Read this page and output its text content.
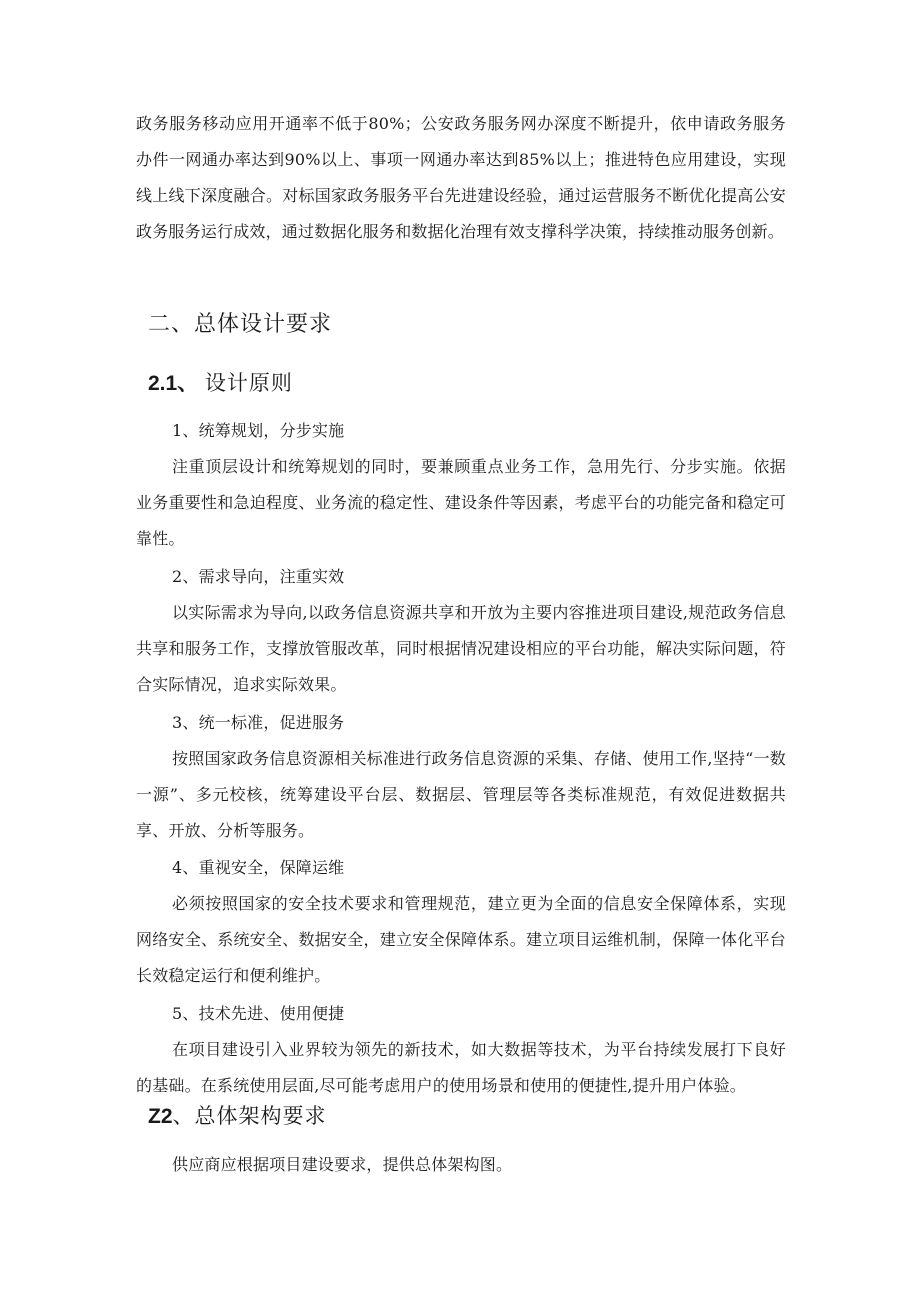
政务服务移动应用开通率不低于80%；公安政务服务网办深度不断提升，依申请政务服务办件一网通办率达到90%以上、事项一网通办率达到85%以上；推进特色应用建设，实现线上线下深度融合。对标国家政务服务平台先进建设经验，通过运营服务不断优化提高公安政务服务运行成效，通过数据化服务和数据化治理有效支撑科学决策，持续推动服务创新。

二、总体设计要求
2.1、 设计原则

1、统筹规划，分步实施

注重顶层设计和统筹规划的同时，要兼顾重点业务工作，急用先行、分步实施。依据业务重要性和急迫程度、业务流的稳定性、建设条件等因素，考虑平台的功能完备和稳定可靠性。

2、需求导向，注重实效

以实际需求为导向,以政务信息资源共享和开放为主要内容推进项目建设,规范政务信息共享和服务工作，支撑放管服改革，同时根据情况建设相应的平台功能，解决实际问题，符合实际情况，追求实际效果。

3、统一标准，促进服务

按照国家政务信息资源相关标准进行政务信息资源的采集、存储、使用工作,坚持“一数一源”、多元校核，统筹建设平台层、数据层、管理层等各类标准规范，有效促进数据共享、开放、分析等服务。

4、重视安全，保障运维

必须按照国家的安全技术要求和管理规范，建立更为全面的信息安全保障体系，实现网络安全、系统安全、数据安全，建立安全保障体系。建立项目运维机制，保障一体化平台长效稳定运行和便利维护。

5、技术先进、使用便捷

在项目建设引入业界较为领先的新技术，如大数据等技术，为平台持续发展打下良好的基础。在系统使用层面,尽可能考虑用户的使用场景和使用的便捷性,提升用户体验。

Z2、总体架构要求

供应商应根据项目建设要求，提供总体架构图。
